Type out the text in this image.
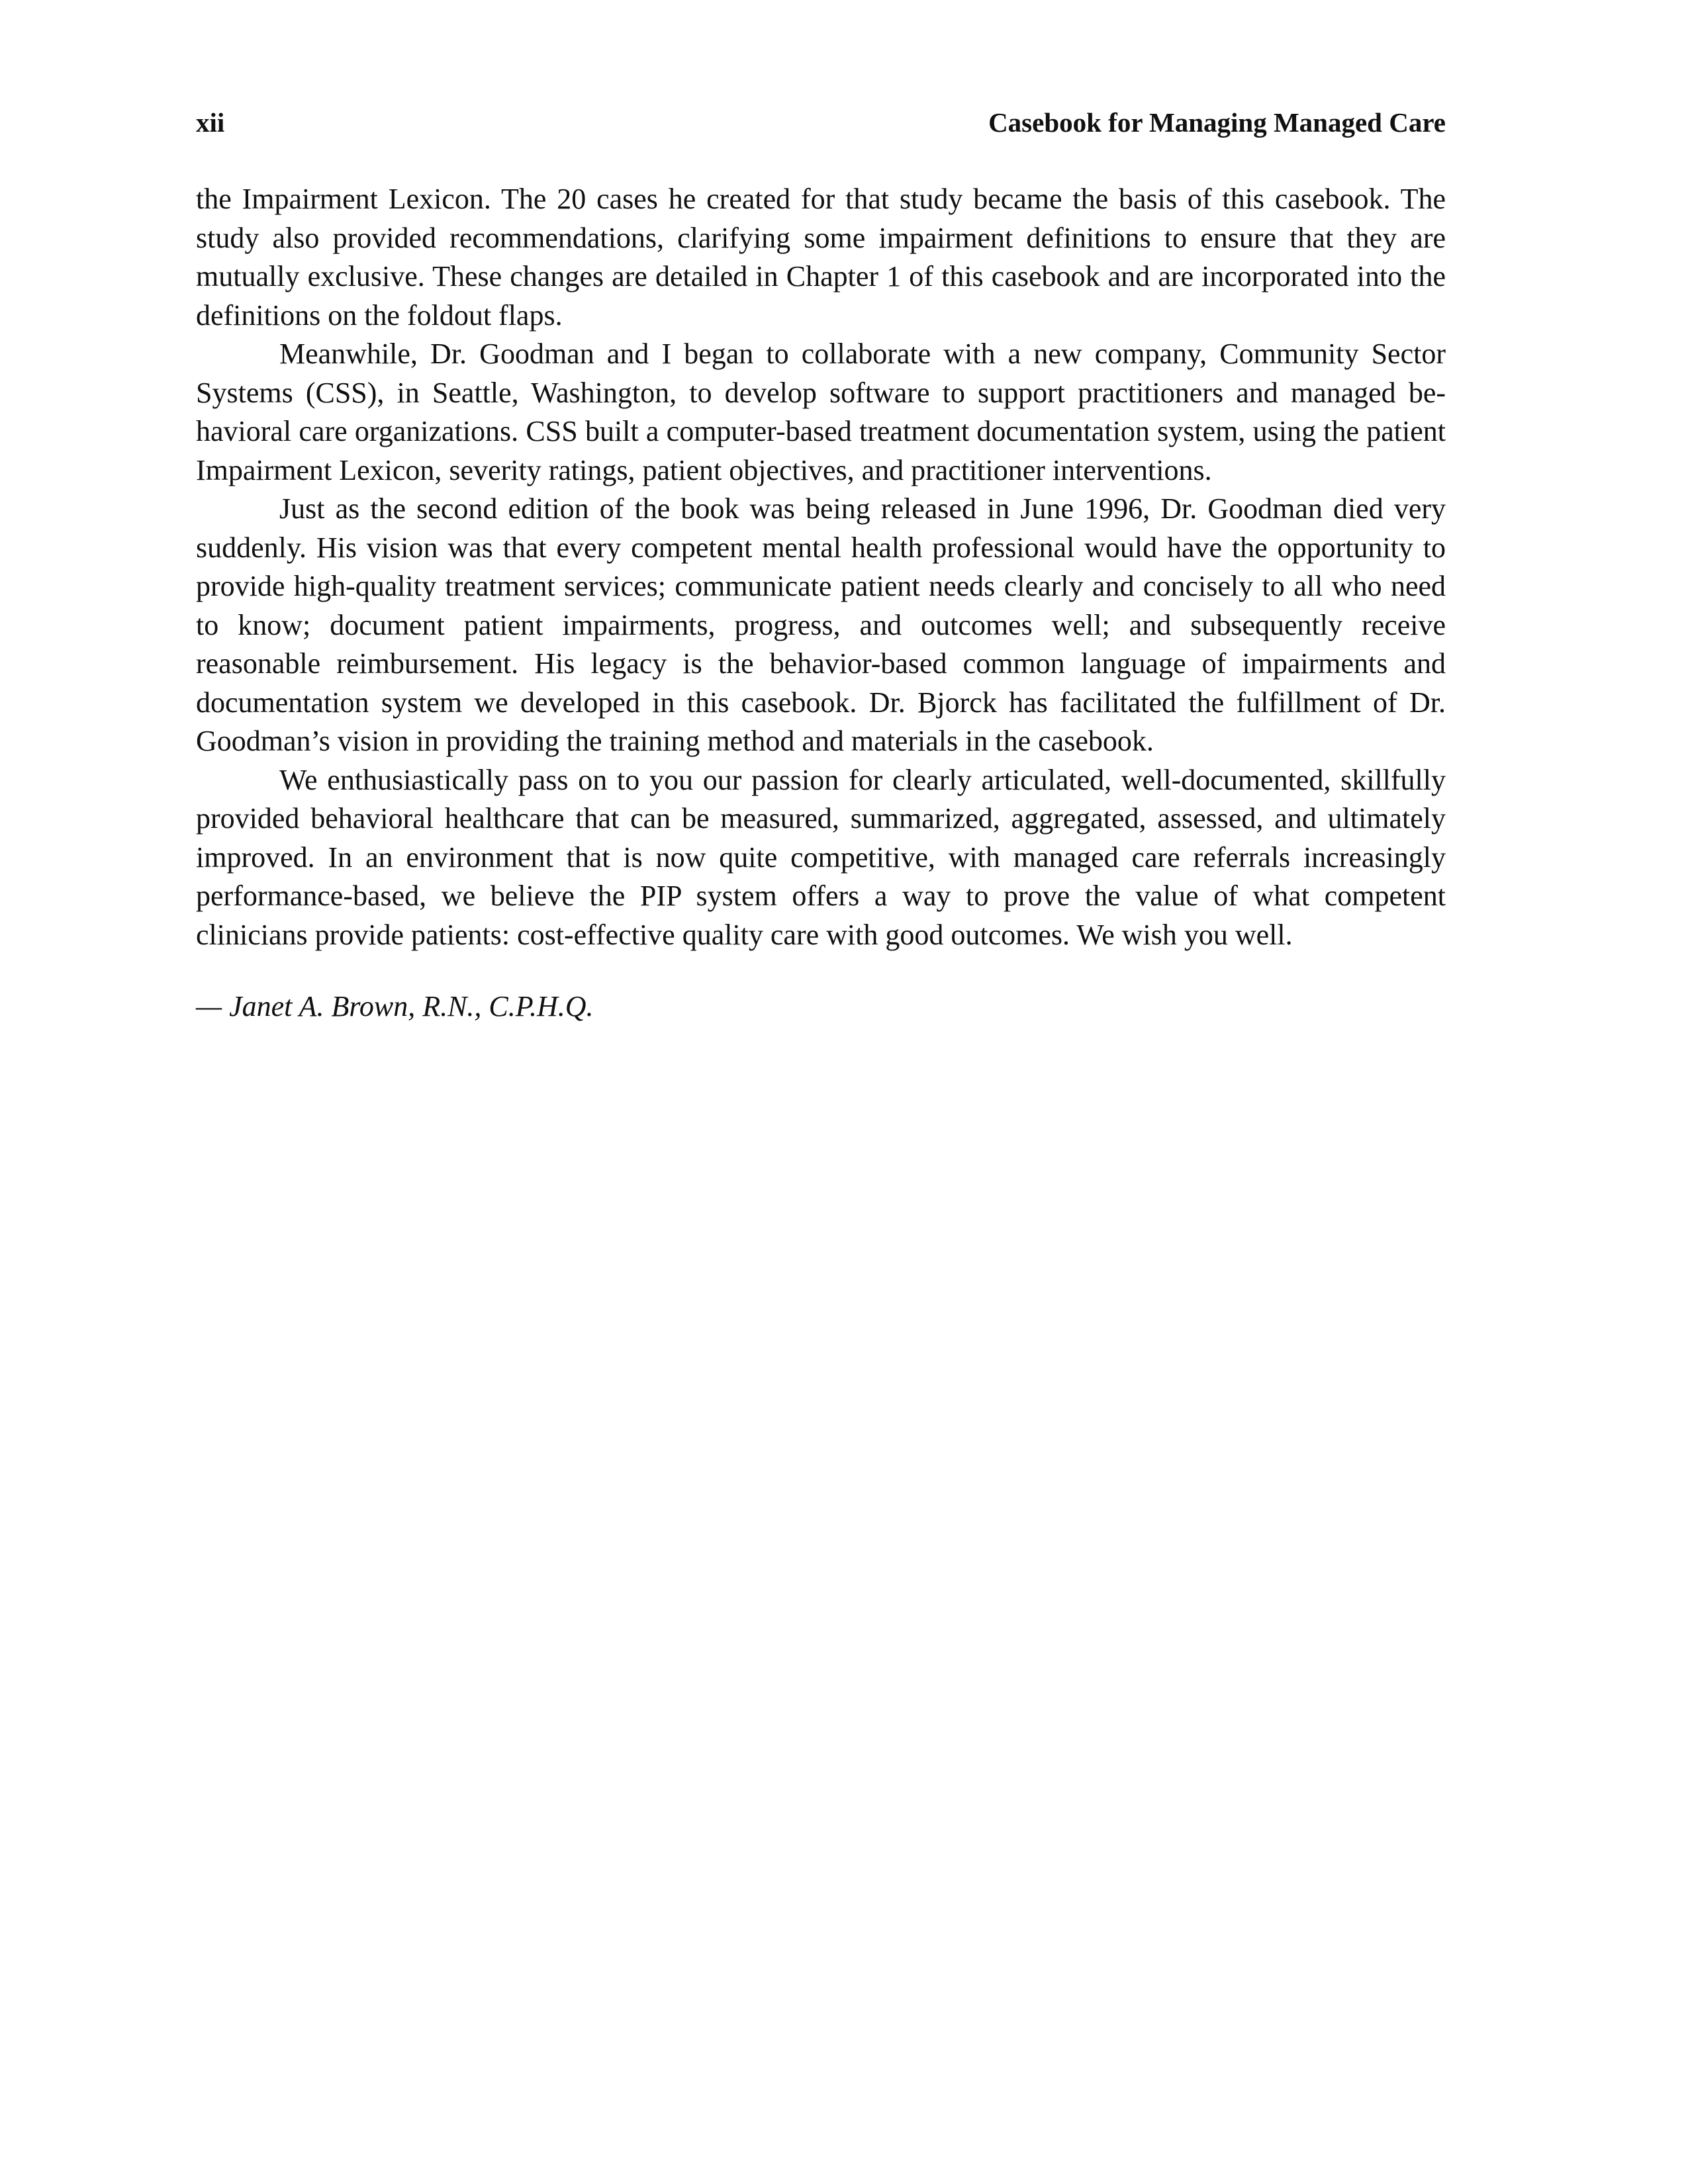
xii	Casebook for Managing Managed Care

the Impairment Lexicon. The 20 cases he created for that study became the basis of this casebook. The study also provided recommendations, clarifying some impairment definitions to ensure that they are mutually exclusive. These changes are detailed in Chapter 1 of this casebook and are incorporated into the definitions on the foldout flaps.

Meanwhile, Dr. Goodman and I began to collaborate with a new company, Community Sector Systems (CSS), in Seattle, Washington, to develop software to support practitioners and managed behavioral care organizations. CSS built a computer-based treatment documentation system, using the patient Impairment Lexicon, severity ratings, patient objectives, and practitioner interventions.

Just as the second edition of the book was being released in June 1996, Dr. Goodman died very suddenly. His vision was that every competent mental health professional would have the opportunity to provide high-quality treatment services; communicate patient needs clearly and concisely to all who need to know; document patient impairments, progress, and outcomes well; and subsequently receive reasonable reimbursement. His legacy is the behavior-based common language of impairments and documentation system we developed in this casebook. Dr. Bjorck has facilitated the fulfillment of Dr. Goodman’s vision in providing the training method and materials in the casebook.

We enthusiastically pass on to you our passion for clearly articulated, well-documented, skillfully provided behavioral healthcare that can be measured, summarized, aggregated, assessed, and ultimately improved. In an environment that is now quite competitive, with managed care referrals increasingly performance-based, we believe the PIP system offers a way to prove the value of what competent clinicians provide patients: cost-effective quality care with good outcomes. We wish you well.

— Janet A. Brown, R.N., C.P.H.Q.
